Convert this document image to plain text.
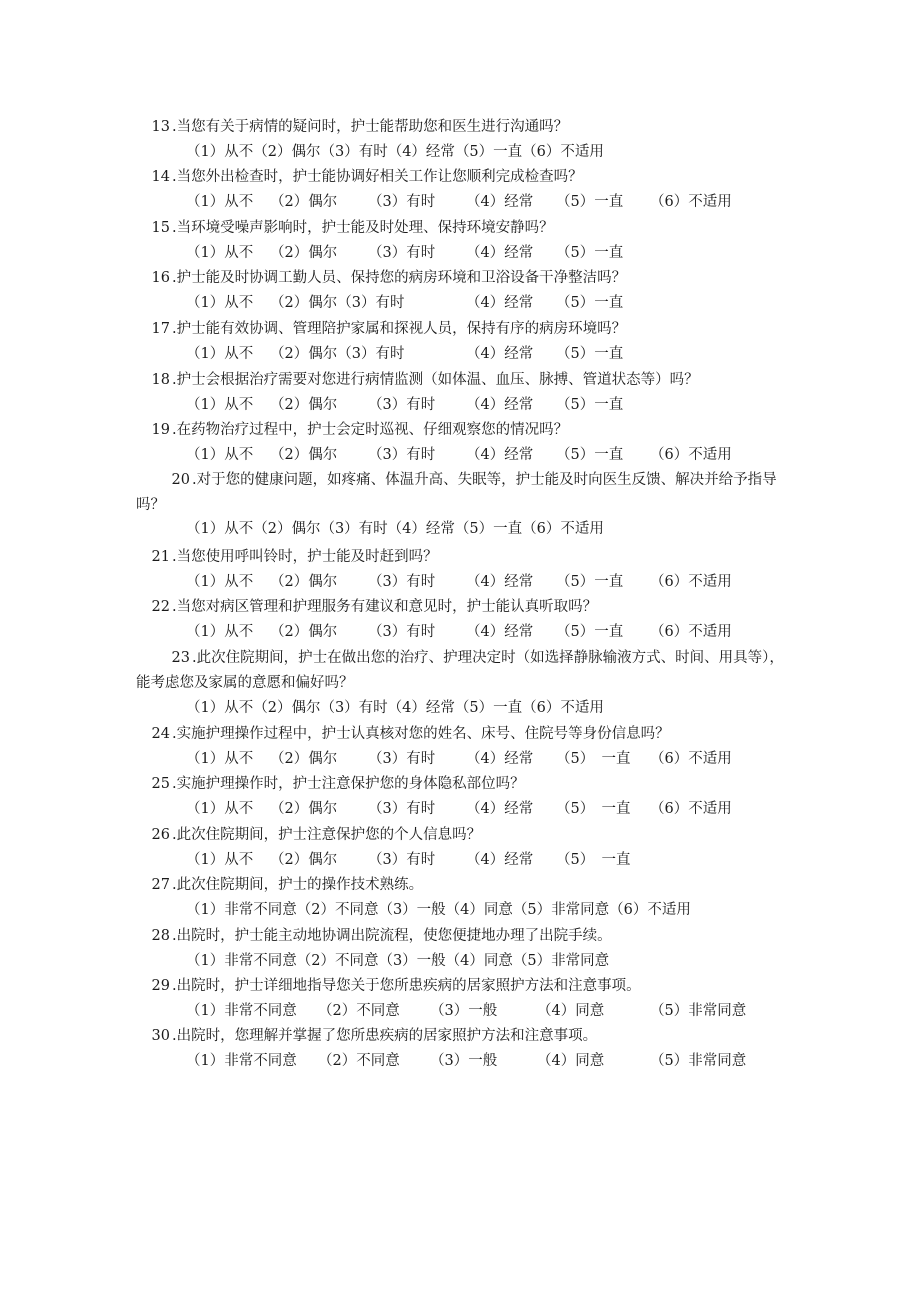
13 .当您有关于病情的疑问时，护士能帮助您和医生进行沟通吗？
（1）从不（2）偶尔（3）有时（4）经常（5）一直（6）不适用
14 .当您外出检查时，护士能协调好相关工作让您顺利完成检查吗？
（1）从不 （2）偶尔 （3）有时 （4）经常 （5）一直 （6）不适用
15 .当环境受噪声影响时，护士能及时处理、保持环境安静吗？
（1）从不 （2）偶尔 （3）有时 （4）经常 （5）一直
16 .护士能及时协调工勤人员、保持您的病房环境和卫浴设备干净整洁吗？
（1）从不 （2）偶尔（3）有时	（4）经常 （5）一直
17 .护士能有效协调、管理陪护家属和探视人员，保持有序的病房环境吗？
（1）从不 （2）偶尔（3）有时	（4）经常 （5）一直
18 .护士会根据治疗需要对您进行病情监测（如体温、血压、脉搏、管道状态等）吗？
（1）从不 （2）偶尔 （3）有时 （4）经常 （5）一直
19 .在药物治疗过程中，护士会定时巡视、仔细观察您的情况吗？
（1）从不 （2）偶尔 （3）有时 （4）经常 （5）一直 （6）不适用
20 .对于您的健康问题，如疼痛、体温升高、失眠等，护士能及时向医生反馈、解决并给予指导吗？
（1）从不（2）偶尔（3）有时（4）经常（5）一直（6）不适用
21 .当您使用呼叫铃时，护士能及时赶到吗？
（1）从不 （2）偶尔 （3）有时 （4）经常 （5）一直 （6）不适用
22 .当您对病区管理和护理服务有建议和意见时，护士能认真听取吗？
（1）从不 （2）偶尔 （3）有时 （4）经常 （5）一直 （6）不适用
23 .此次住院期间，护士在做出您的治疗、护理决定时（如选择静脉输液方式、时间、用具等），能考虑您及家属的意愿和偏好吗？
（1）从不（2）偶尔（3）有时（4）经常（5）一直（6）不适用
24 .实施护理操作过程中，护士认真核对您的姓名、床号、住院号等身份信息吗？
（1）从不 （2）偶尔 （3）有时 （4）经常 （5）　一直 （6）不适用
25 .实施护理操作时，护士注意保护您的身体隐私部位吗？
（1）从不 （2）偶尔 （3）有时 （4）经常 （5）　一直 （6）不适用
26 .此次住院期间，护士注意保护您的个人信息吗？
（1）从不 （2）偶尔 （3）有时 （4）经常 （5）　一直
27 .此次住院期间，护士的操作技术熟练。
（1）非常不同意（2）不同意（3）一般（4）同意（5）非常同意（6）不适用
28 .出院时，护士能主动地协调出院流程，使您便捷地办理了出院手续。
（1）非常不同意（2）不同意（3）一般（4）同意（5）非常同意
29 .出院时，护士详细地指导您关于您所患疾病的居家照护方法和注意事项。
（1）非常不同意 （2）不同意 （3）一般	（4）同意	（5）非常同意
30 .出院时，您理解并掌握了您所患疾病的居家照护方法和注意事项。
（1）非常不同意 （2）不同意 （3）一般	（4）同意	（5）非常同意
